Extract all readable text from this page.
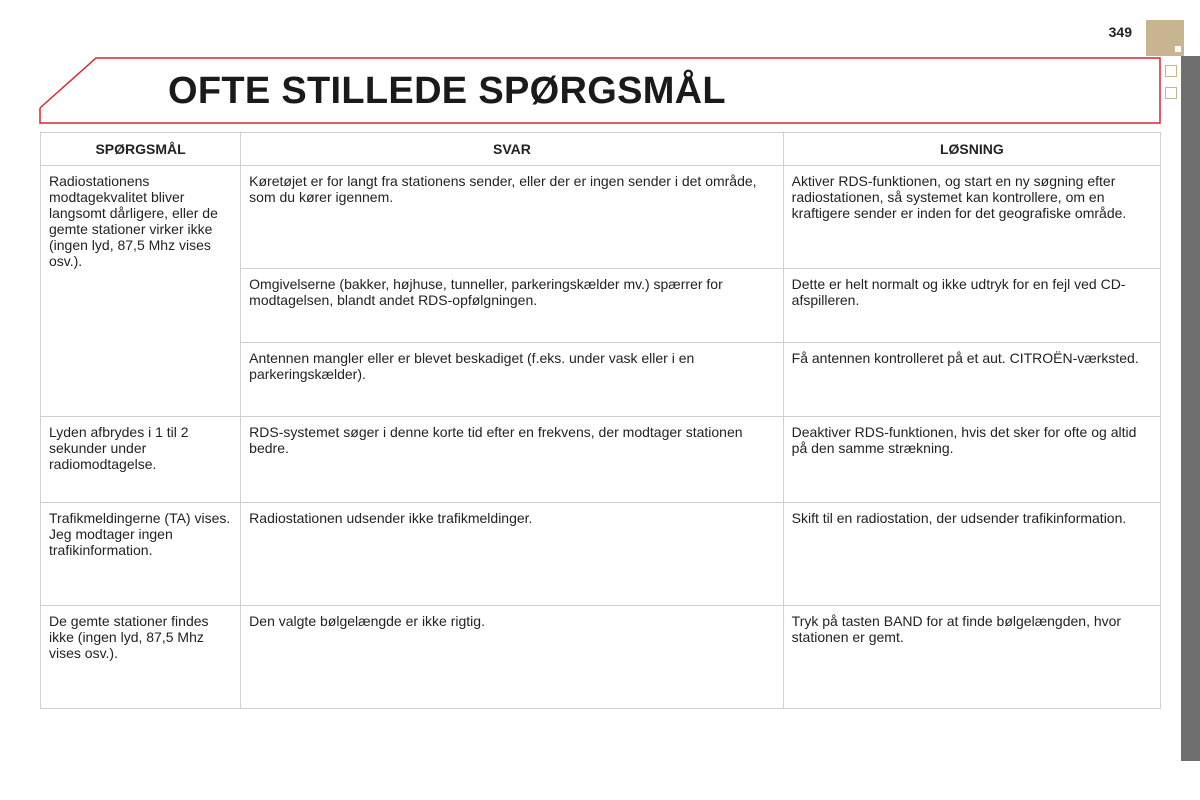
349
OFTE STILLEDE SPØRGSMÅL
SPØRGSMÅL	SVAR	LØSNING
Radiostationens modtagekvalitet bliver langsomt dårligere, eller de gemte stationer virker ikke (ingen lyd, 87,5 Mhz vises osv.).	Køretøjet er for langt fra stationens sender, eller der er ingen sender i det område, som du kører igennem.	Aktiver RDS-funktionen, og start en ny søgning efter radiostationen, så systemet kan kontrollere, om en kraftigere sender er inden for det geografiske område.
	Omgivelserne (bakker, højhuse, tunneller, parkeringskælder mv.) spærrer for modtagelsen, blandt andet RDS-opfølgningen.	Dette er helt normalt og ikke udtryk for en fejl ved CD-afspilleren.
	Antennen mangler eller er blevet beskadiget (f.eks. under vask eller i en parkeringskælder).	Få antennen kontrolleret på et aut. CITROËN-værksted.
Lyden afbrydes i 1 til 2 sekunder under radiomodtagelse.	RDS-systemet søger i denne korte tid efter en frekvens, der modtager stationen bedre.	Deaktiver RDS-funktionen, hvis det sker for ofte og altid på den samme strækning.
Trafikmeldingerne (TA) vises. Jeg modtager ingen trafikinformation.	Radiostationen udsender ikke trafikmeldinger.	Skift til en radiostation, der udsender trafikinformation.
De gemte stationer findes ikke (ingen lyd, 87,5 Mhz vises osv.).	Den valgte bølgelængde er ikke rigtig.	Tryk på tasten BAND for at finde bølgelængden, hvor stationen er gemt.
